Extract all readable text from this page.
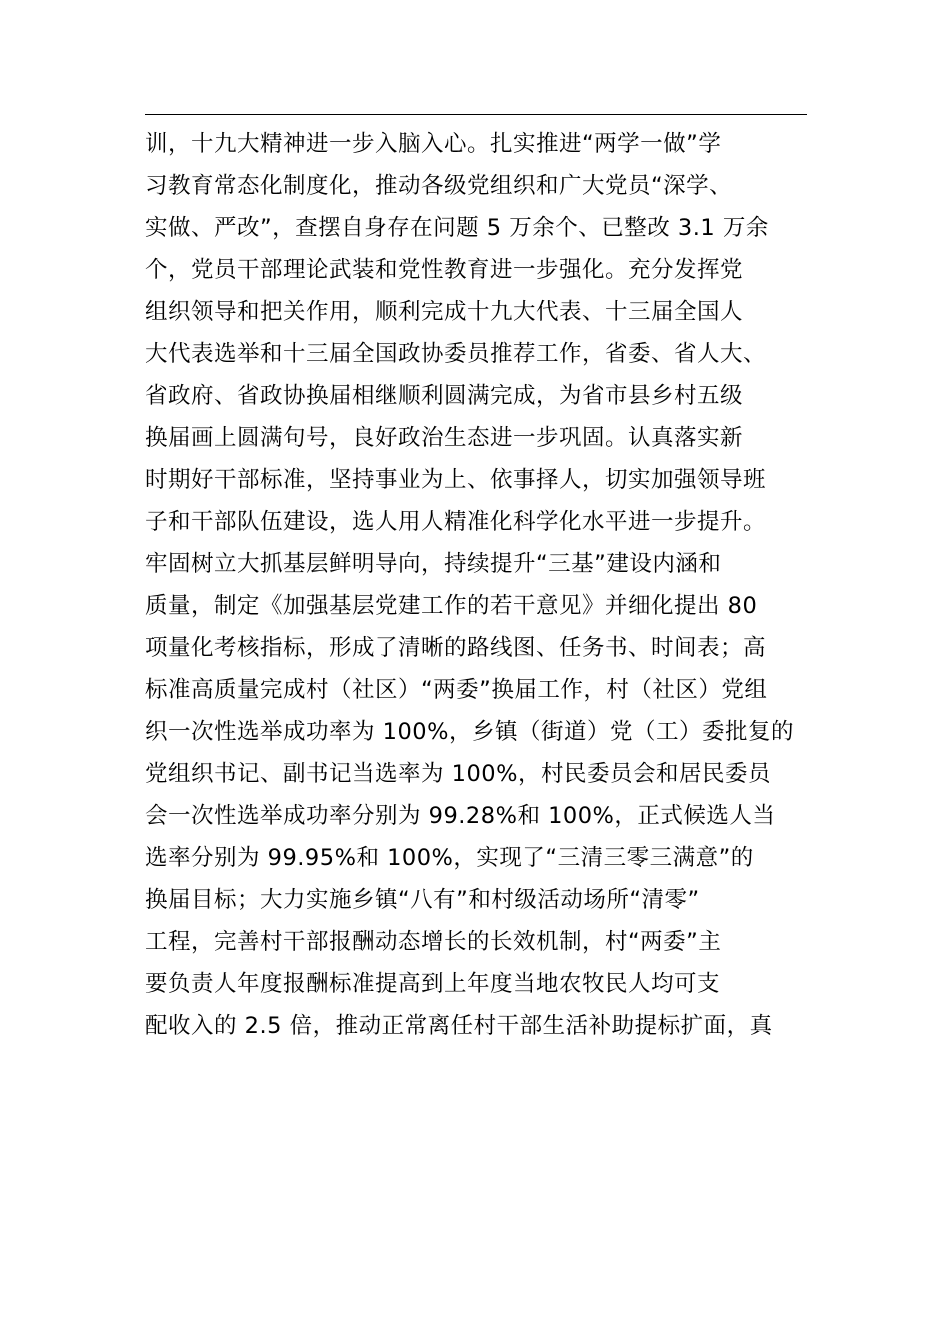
训，十九大精神进一步入脑入心。扎实推进“两学一做”学
习教育常态化制度化，推动各级党组织和广大党员“深学、
实做、严改”，查摆自身存在问题 5 万余个、已整改 3.1 万余
个，党员干部理论武装和党性教育进一步强化。充分发挥党
组织领导和把关作用，顺利完成十九大代表、十三届全国人
大代表选举和十三届全国政协委员推荐工作，省委、省人大、
省政府、省政协换届相继顺利圆满完成，为省市县乡村五级
换届画上圆满句号，良好政治生态进一步巩固。认真落实新
时期好干部标准，坚持事业为上、依事择人，切实加强领导班
子和干部队伍建设，选人用人精准化科学化水平进一步提升。
牢固树立大抓基层鲜明导向，持续提升“三基”建设内涵和
质量，制定《加强基层党建工作的若干意见》并细化提出 80
项量化考核指标，形成了清晰的路线图、任务书、时间表；高
标准高质量完成村（社区）“两委”换届工作，村（社区）党组
织一次性选举成功率为 100%，乡镇（街道）党（工）委批复的
党组织书记、副书记当选率为 100%，村民委员会和居民委员
会一次性选举成功率分别为 99.28%和 100%，正式候选人当
选率分别为 99.95%和 100%，实现了“三清三零三满意”的
换届目标；大力实施乡镇“八有”和村级活动场所“清零”
工程，完善村干部报酬动态增长的长效机制，村“两委”主
要负责人年度报酬标准提高到上年度当地农牧民人均可支
配收入的 2.5 倍，推动正常离任村干部生活补助提标扩面，真
